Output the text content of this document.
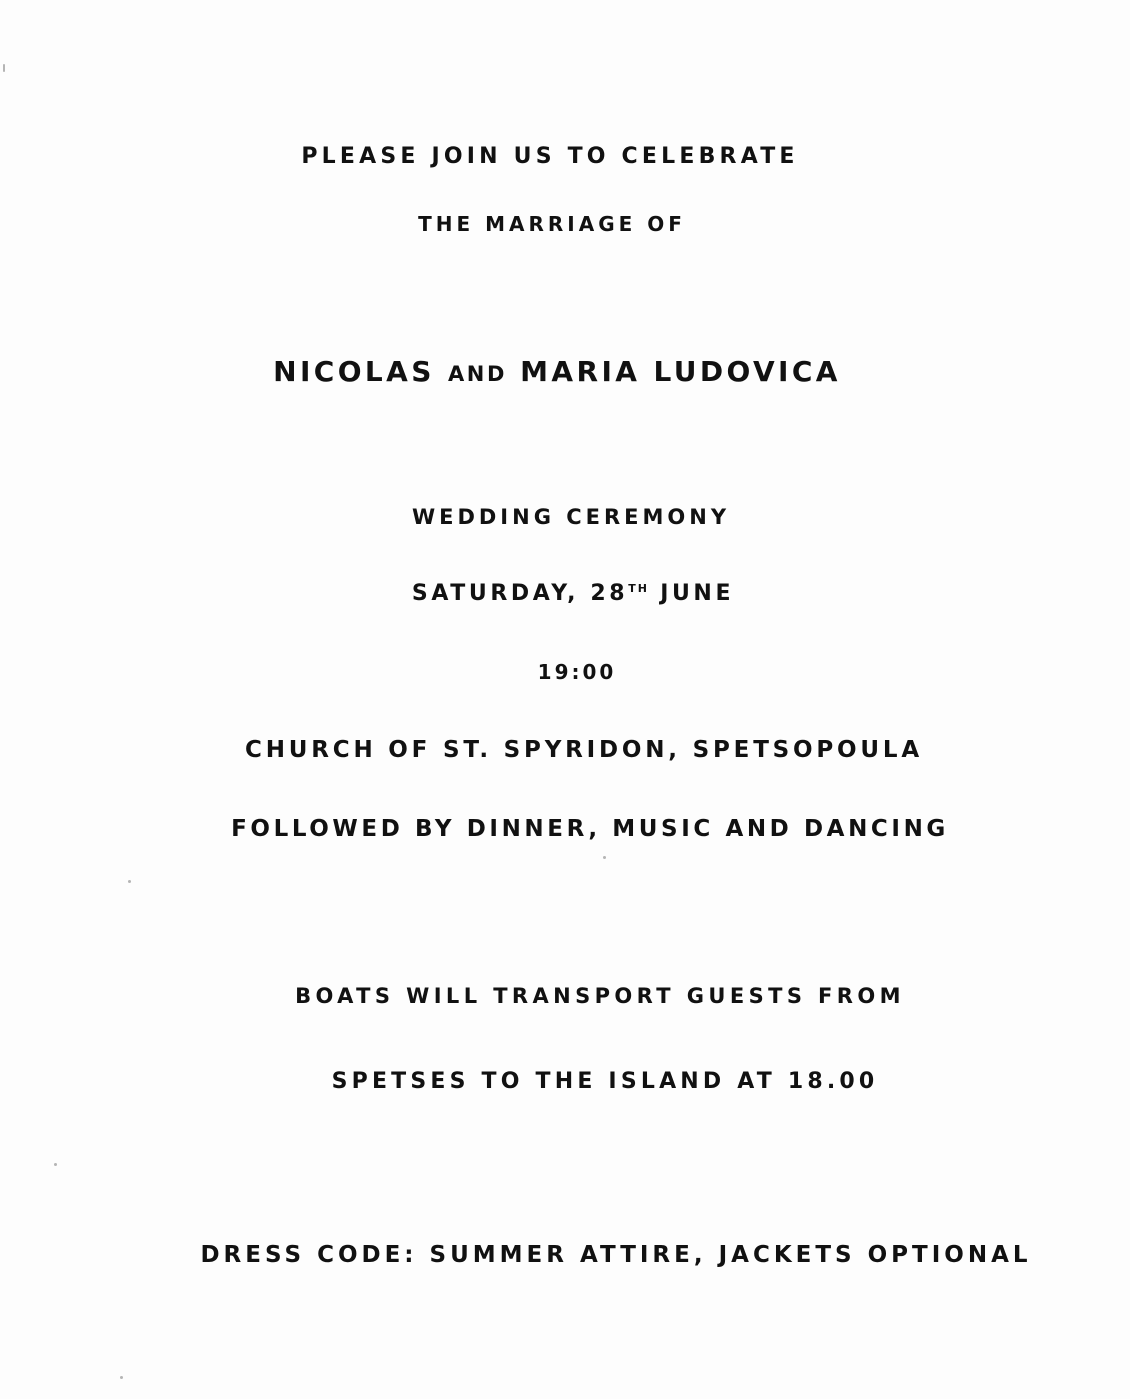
PLEASE JOIN US TO CELEBRATE
THE MARRIAGE OF
NICOLAS AND MARIA LUDOVICA
WEDDING CEREMONY
SATURDAY, 28TH JUNE
19:00
CHURCH OF ST. SPYRIDON, SPETSOPOULA
FOLLOWED BY DINNER, MUSIC AND DANCING
BOATS WILL TRANSPORT GUESTS FROM
SPETSES TO THE ISLAND AT 18.00
DRESS CODE: SUMMER ATTIRE, JACKETS OPTIONAL
